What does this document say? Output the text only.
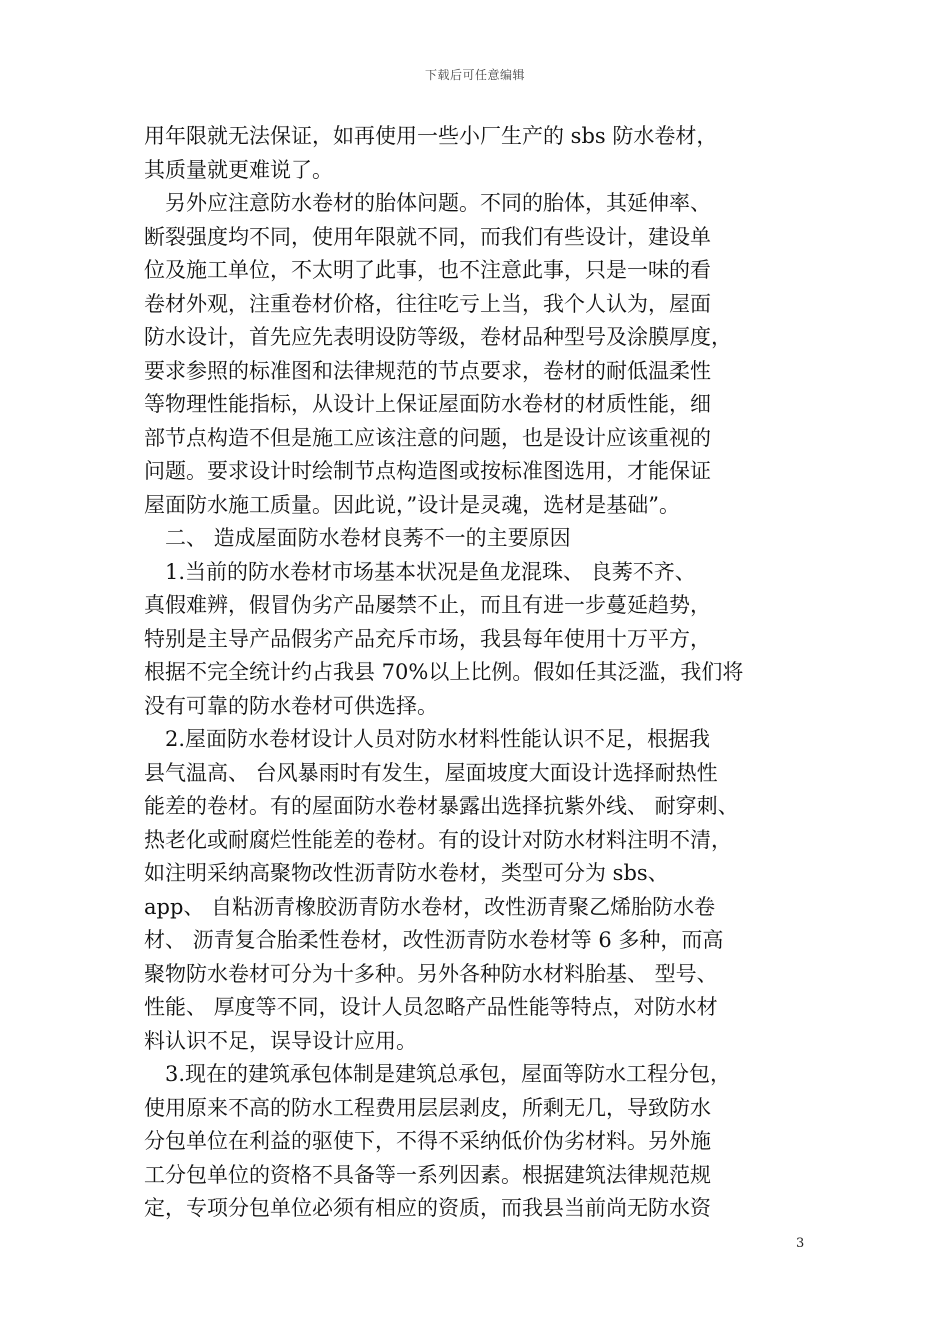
下载后可任意编辑
用年限就无法保证，如再使用一些小厂生产的 sbs 防水卷材，
其质量就更难说了。
　另外应注意防水卷材的胎体问题。不同的胎体，其延伸率、
断裂强度均不同，使用年限就不同，而我们有些设计，建设单
位及施工单位，不太明了此事，也不注意此事，只是一味的看
卷材外观，注重卷材价格，往往吃亏上当，我个人认为，屋面
防水设计，首先应先表明设防等级，卷材品种型号及涂膜厚度，
要求参照的标准图和法律规范的节点要求，卷材的耐低温柔性
等物理性能指标，从设计上保证屋面防水卷材的材质性能，细
部节点构造不但是施工应该注意的问题，也是设计应该重视的
问题。要求设计时绘制节点构造图或按标准图选用，才能保证
屋面防水施工质量。因此说，”设计是灵魂，选材是基础”。
　二、 造成屋面防水卷材良莠不一的主要原因
　1.当前的防水卷材市场基本状况是鱼龙混珠、 良莠不齐、
真假难辨，假冒伪劣产品屡禁不止，而且有进一步蔓延趋势，
特别是主导产品假劣产品充斥市场，我县每年使用十万平方，
根据不完全统计约占我县 70%以上比例。假如任其泛滥，我们将
没有可靠的防水卷材可供选择。
　2.屋面防水卷材设计人员对防水材料性能认识不足，根据我
县气温高、 台风暴雨时有发生，屋面坡度大面设计选择耐热性
能差的卷材。有的屋面防水卷材暴露出选择抗紫外线、 耐穿刺、
热老化或耐腐烂性能差的卷材。有的设计对防水材料注明不清，
如注明采纳高聚物改性沥青防水卷材，类型可分为 sbs、
app、 自粘沥青橡胶沥青防水卷材，改性沥青聚乙烯胎防水卷
材、 沥青复合胎柔性卷材，改性沥青防水卷材等 6 多种，而高
聚物防水卷材可分为十多种。另外各种防水材料胎基、 型号、
性能、 厚度等不同，设计人员忽略产品性能等特点，对防水材
料认识不足，误导设计应用。
　3.现在的建筑承包体制是建筑总承包，屋面等防水工程分包，
使用原来不高的防水工程费用层层剥皮，所剩无几，导致防水
分包单位在利益的驱使下，不得不采纳低价伪劣材料。另外施
工分包单位的资格不具备等一系列因素。根据建筑法律规范规
定，专项分包单位必须有相应的资质，而我县当前尚无防水资
3
